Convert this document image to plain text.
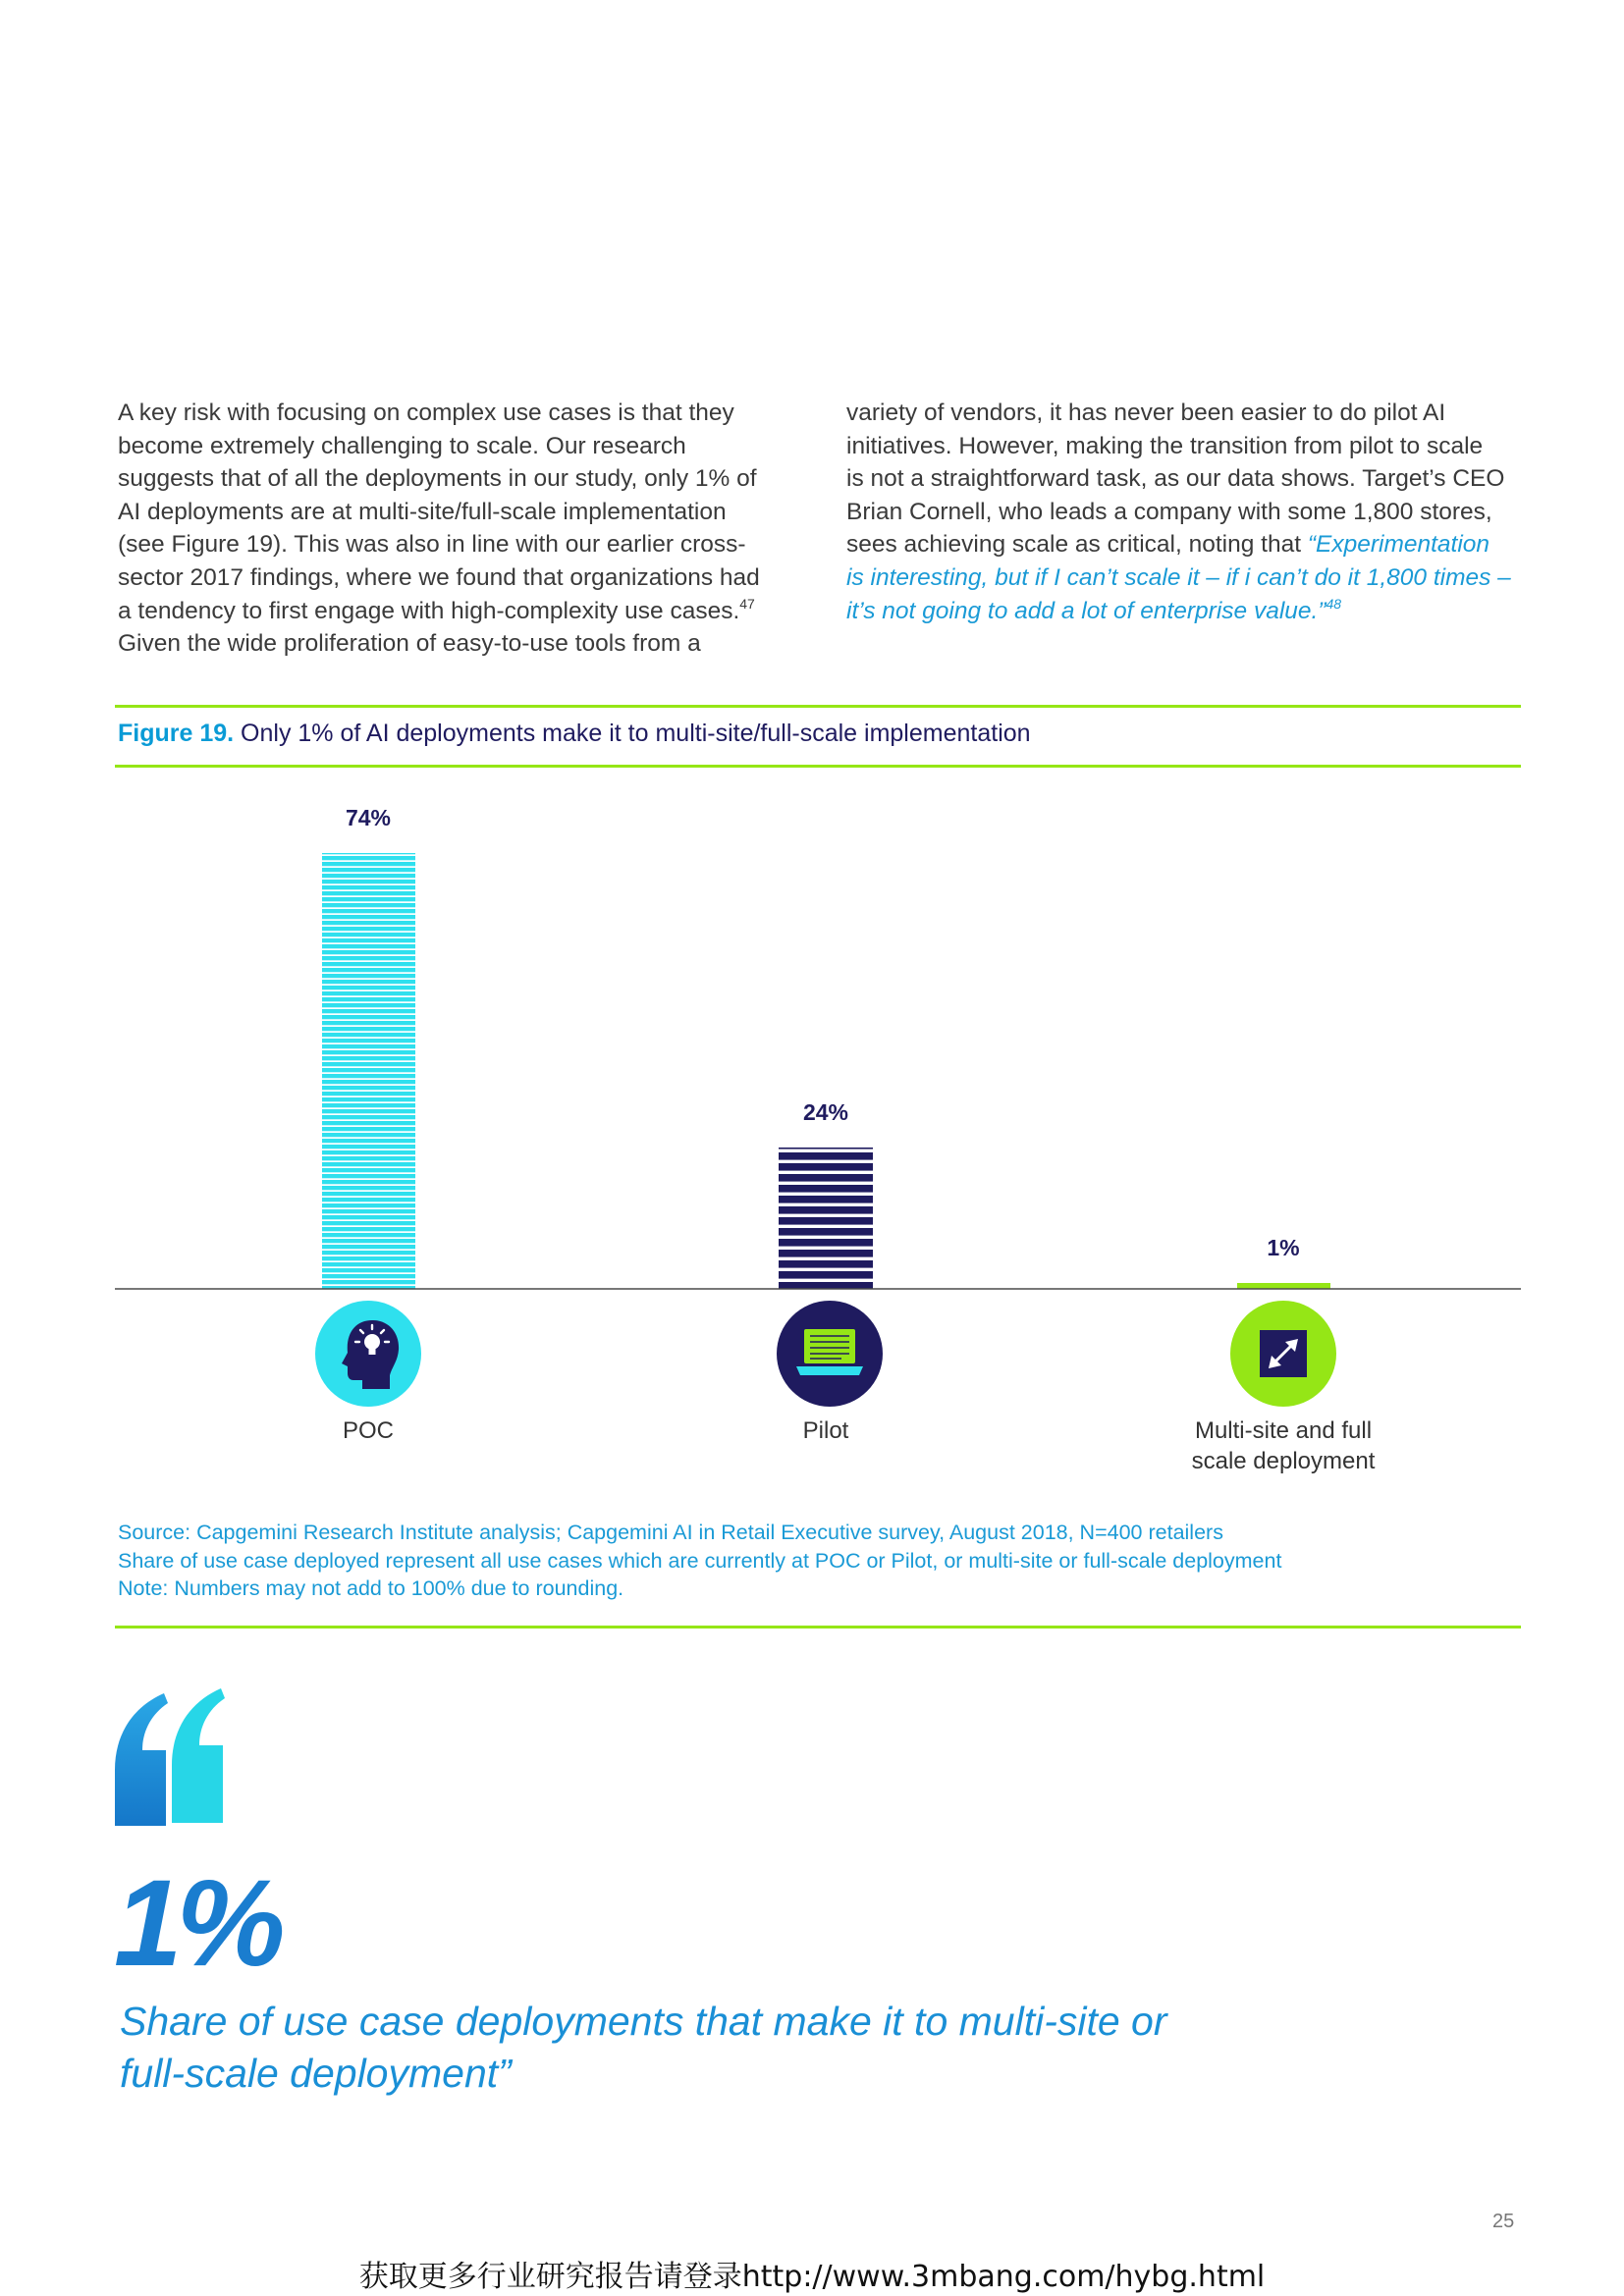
A key risk with focusing on complex use cases is that they
become extremely challenging to scale. Our research
suggests that of all the deployments in our study, only 1% of
AI deployments are at multi-site/full-scale implementation
(see Figure 19). This was also in line with our earlier cross-
sector 2017 findings, where we found that organizations had
a tendency to first engage with high-complexity use cases.$^{47}$
Given the wide proliferation of easy-to-use tools from a
variety of vendors, it has never been easier to do pilot AI
initiatives. However, making the transition from pilot to scale
is not a straightforward task, as our data shows. Target’s CEO
Brian Cornell, who leads a company with some 1,800 stores,
sees achieving scale as critical, noting that “Experimentation
is interesting, but if I can’t scale it – if i can’t do it 1,800 times –
it’s not going to add a lot of enterprise value.”$^{48}$
Figure 19. Only 1% of AI deployments make it to multi-site/full-scale implementation
74%
24%
1%
POC	Pilot	Multi-site and full
scale deployment
Source: Capgemini Research Institute analysis; Capgemini AI in Retail Executive survey, August 2018, N=400 retailers
Share of use case deployed represent all use cases which are currently at POC or Pilot, or multi-site or full-scale deployment
Note: Numbers may not add to 100% due to rounding.
1%
Share of use case deployments that make it to multi-site or
full-scale deployment”
25
获取更多行业研究报告请登录http://www.3mbang.com/hybg.html
